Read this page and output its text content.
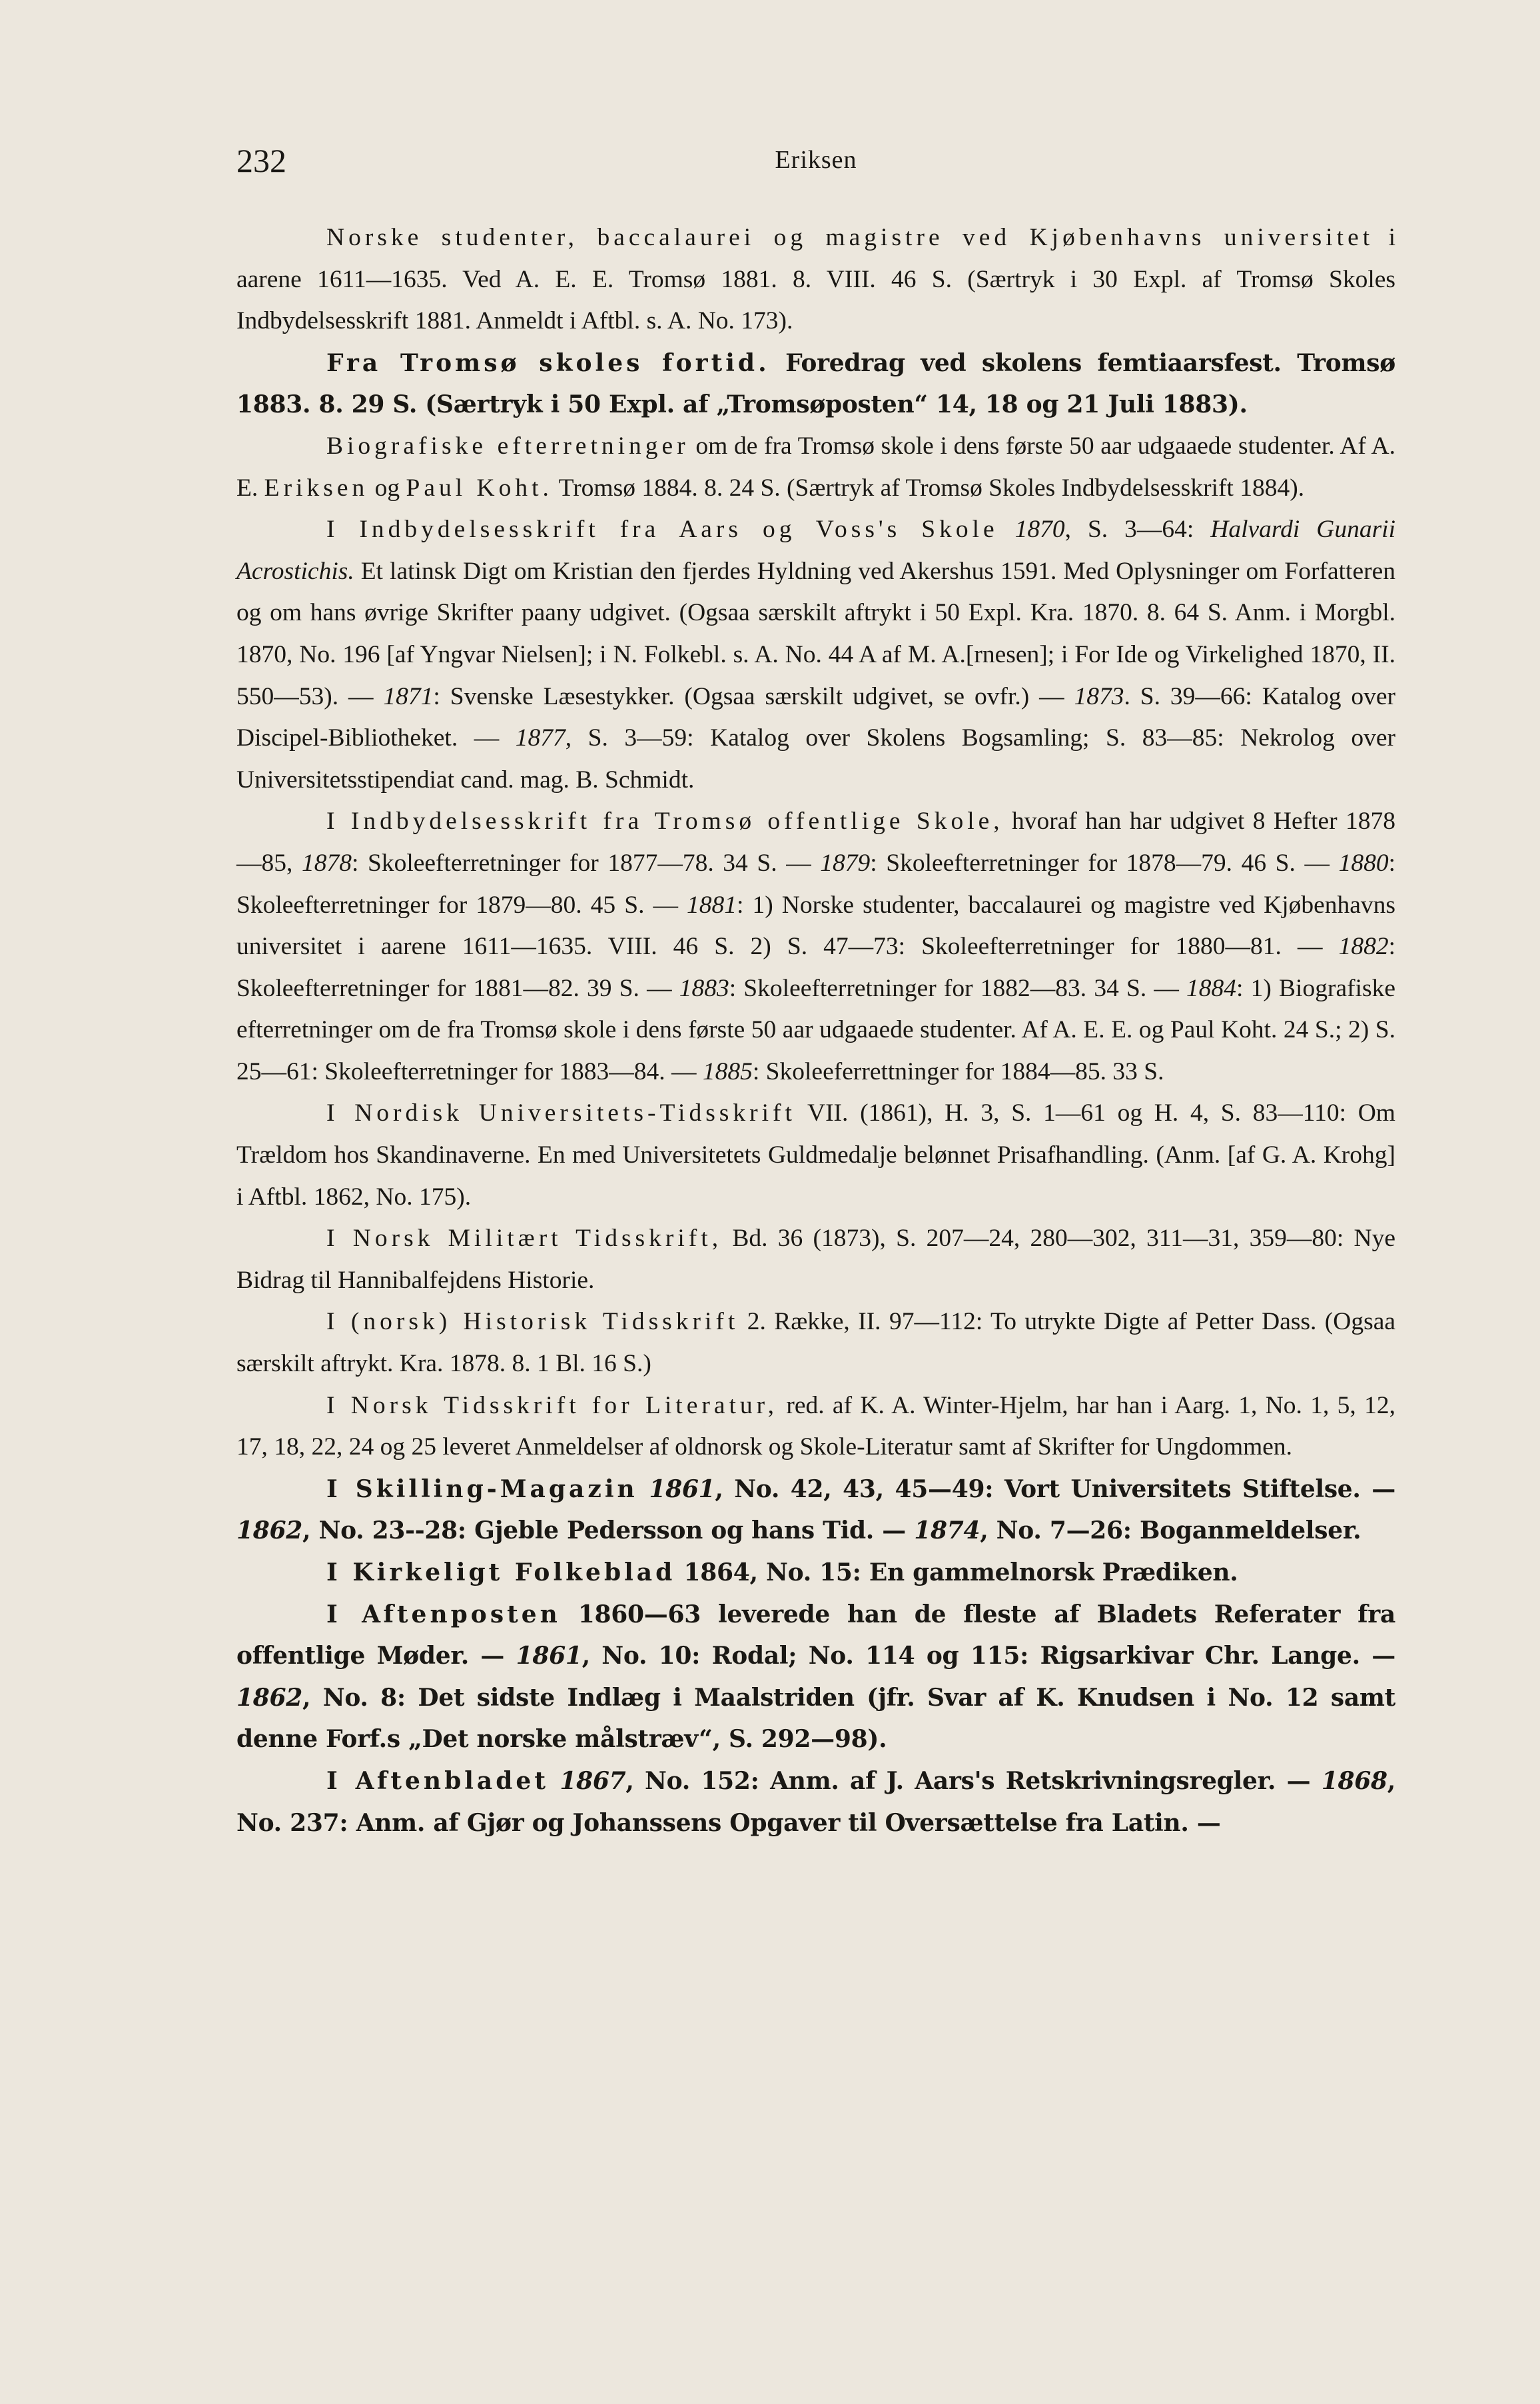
232	Eriksen

Norske studenter, baccalaurei og magistre ved Kjøbenhavns universitet i aarene 1611—1635. Ved A. E. E. Tromsø 1881. 8. VIII. 46 S. (Særtryk i 30 Expl. af Tromsø Skoles Indbydelsesskrift 1881. Anmeldt i Aftbl. s. A. No. 173).

Fra Tromsø skoles fortid. Foredrag ved skolens femtiaarsfest. Tromsø 1883. 8. 29 S. (Særtryk i 50 Expl. af „Tromsøposten“ 14, 18 og 21 Juli 1883).

Biografiske efterretninger om de fra Tromsø skole i dens første 50 aar udgaaede studenter. Af A. E. Eriksen og Paul Koht. Tromsø 1884. 8. 24 S. (Særtryk af Tromsø Skoles Indbydelsesskrift 1884).

I Indbydelsesskrift fra Aars og Voss's Skole 1870, S. 3—64: Halvardi Gunarii Acrostichis. Et latinsk Digt om Kristian den fjerdes Hyldning ved Akershus 1591. Med Oplysninger om Forfatteren og om hans øvrige Skrifter paany udgivet. (Ogsaa særskilt aftrykt i 50 Expl. Kra. 1870. 8. 64 S. Anm. i Morgbl. 1870, No. 196 [af Yngvar Nielsen]; i N. Folkebl. s. A. No. 44 A af M. A.[rnesen]; i For Ide og Virkelighed 1870, II. 550—53). — 1871: Svenske Læsestykker. (Ogsaa særskilt udgivet, se ovfr.) — 1873. S. 39—66: Katalog over Discipel-Bibliotheket. — 1877, S. 3—59: Katalog over Skolens Bogsamling; S. 83—85: Nekrolog over Universitetsstipendiat cand. mag. B. Schmidt.

I Indbydelsesskrift fra Tromsø offentlige Skole, hvoraf han har udgivet 8 Hefter 1878—85, 1878: Skoleefterretninger for 1877—78. 34 S. — 1879: Skoleefterretninger for 1878—79. 46 S. — 1880: Skoleefterretninger for 1879—80. 45 S. — 1881: 1) Norske studenter, baccalaurei og magistre ved Kjøbenhavns universitet i aarene 1611—1635. VIII. 46 S. 2) S. 47—73: Skoleefterretninger for 1880—81. — 1882: Skoleefterretninger for 1881—82. 39 S. — 1883: Skoleefterretninger for 1882—83. 34 S. — 1884: 1) Biografiske efterretninger om de fra Tromsø skole i dens første 50 aar udgaaede studenter. Af A. E. E. og Paul Koht. 24 S.; 2) S. 25—61: Skoleefterretninger for 1883—84. — 1885: Skoleeferrettninger for 1884—85. 33 S.

I Nordisk Universitets-Tidsskrift VII. (1861), H. 3, S. 1—61 og H. 4, S. 83—110: Om Trældom hos Skandinaverne. En med Universitetets Guldmedalje belønnet Prisafhandling. (Anm. [af G. A. Krohg] i Aftbl. 1862, No. 175).

I Norsk Militært Tidsskrift, Bd. 36 (1873), S. 207—24, 280—302, 311—31, 359—80: Nye Bidrag til Hannibalfejdens Historie.

I (norsk) Historisk Tidsskrift 2. Række, II. 97—112: To utrykte Digte af Petter Dass. (Ogsaa særskilt aftrykt. Kra. 1878. 8. 1 Bl. 16 S.)

I Norsk Tidsskrift for Literatur, red. af K. A. Winter-Hjelm, har han i Aarg. 1, No. 1, 5, 12, 17, 18, 22, 24 og 25 leveret Anmeldelser af oldnorsk og Skole-Literatur samt af Skrifter for Ungdommen.

I Skilling-Magazin 1861, No. 42, 43, 45—49: Vort Universitets Stiftelse. — 1862, No. 23--28: Gjeble Pedersson og hans Tid. — 1874, No. 7—26: Boganmeldelser.

I Kirkeligt Folkeblad 1864, No. 15: En gammelnorsk Prædiken.

I Aftenposten 1860—63 leverede han de fleste af Bladets Referater fra offentlige Møder. — 1861, No. 10: Rodal; No. 114 og 115: Rigsarkivar Chr. Lange. — 1862, No. 8: Det sidste Indlæg i Maalstriden (jfr. Svar af K. Knudsen i No. 12 samt denne Forf.s „Det norske målstræv“, S. 292—98).

I Aftenbladet 1867, No. 152: Anm. af J. Aars's Retskrivningsregler. — 1868, No. 237: Anm. af Gjør og Johanssens Opgaver til Oversættelse fra Latin. —
